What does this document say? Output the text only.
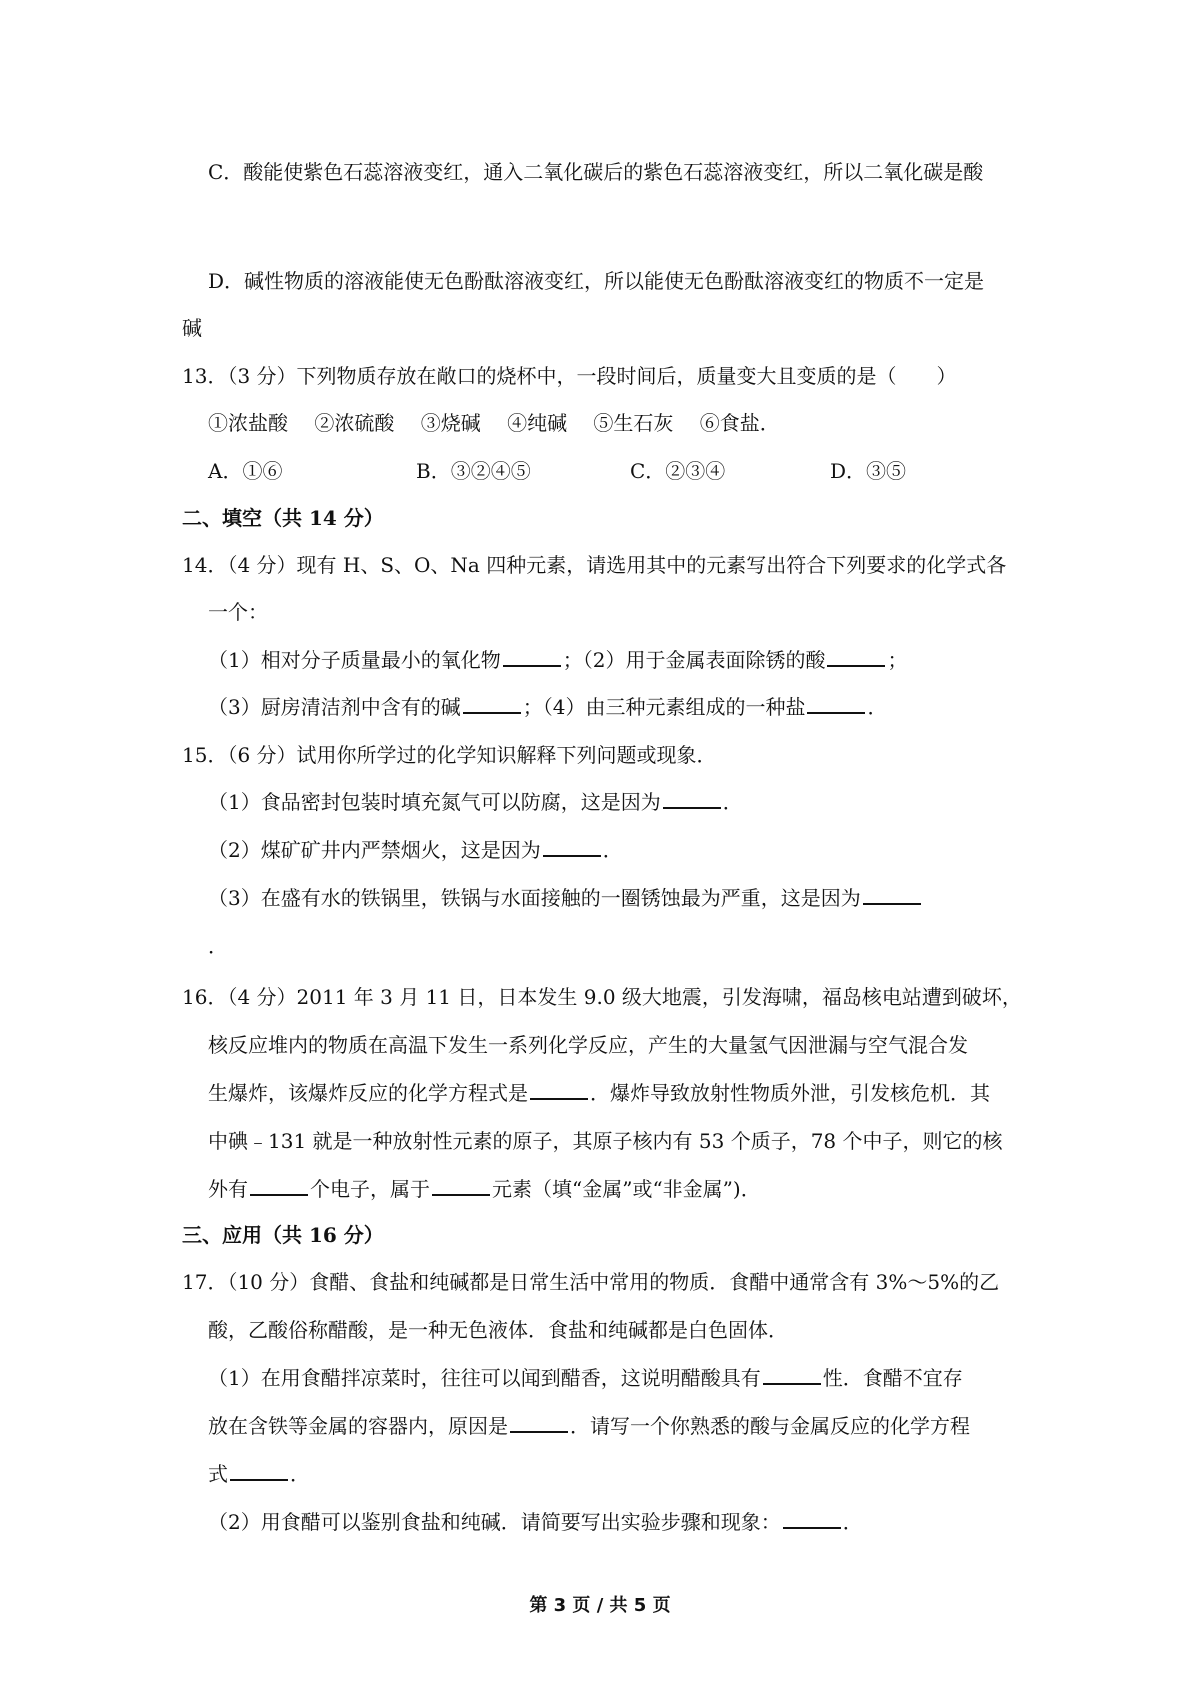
C．酸能使紫色石蕊溶液变红，通入二氧化碳后的紫色石蕊溶液变红，所以二氧化碳是酸
D．碱性物质的溶液能使无色酚酞溶液变红，所以能使无色酚酞溶液变红的物质不一定是
碱
13．（3 分）下列物质存放在敞口的烧杯中，一段时间后，质量变大且变质的是（　　）
①浓盐酸　 ②浓硫酸　 ③烧碱　 ④纯碱　 ⑤生石灰　 ⑥食盐．
A．①⑥	B．③②④⑤	C．②③④	D．③⑤
二、填空（共 14 分）
14．（4 分）现有 H、S、O、Na 四种元素，请选用其中的元素写出符合下列要求的化学式各
一个：
（1）相对分子质量最小的氧化物	；（2）用于金属表面除锈的酸	；
（3）厨房清洁剂中含有的碱	；（4）由三种元素组成的一种盐	．
15．（6 分）试用你所学过的化学知识解释下列问题或现象．
（1）食品密封包装时填充氮气可以防腐，这是因为	．
（2）煤矿矿井内严禁烟火，这是因为	．
（3）在盛有水的铁锅里，铁锅与水面接触的一圈锈蚀最为严重，这是因为
．
16．（4 分）2011 年 3 月 11 日，日本发生 9.0 级大地震，引发海啸，福岛核电站遭到破坏，
核反应堆内的物质在高温下发生一系列化学反应，产生的大量氢气因泄漏与空气混合发
生爆炸，该爆炸反应的化学方程式是	．爆炸导致放射性物质外泄，引发核危机．其
中碘﹣131 就是一种放射性元素的原子，其原子核内有 53 个质子，78 个中子，则它的核
外有	个电子，属于	元素（填“金属”或“非金属”)．
三、应用（共 16 分）
17．（10 分）食醋、食盐和纯碱都是日常生活中常用的物质．食醋中通常含有 3%～5%的乙
酸，乙酸俗称醋酸，是一种无色液体．食盐和纯碱都是白色固体．
（1）在用食醋拌凉菜时，往往可以闻到醋香，这说明醋酸具有	性．食醋不宜存
放在含铁等金属的容器内，原因是	．请写一个你熟悉的酸与金属反应的化学方程
式	．
（2）用食醋可以鉴别食盐和纯碱．请简要写出实验步骤和现象：	．
第 3 页 / 共 5 页
